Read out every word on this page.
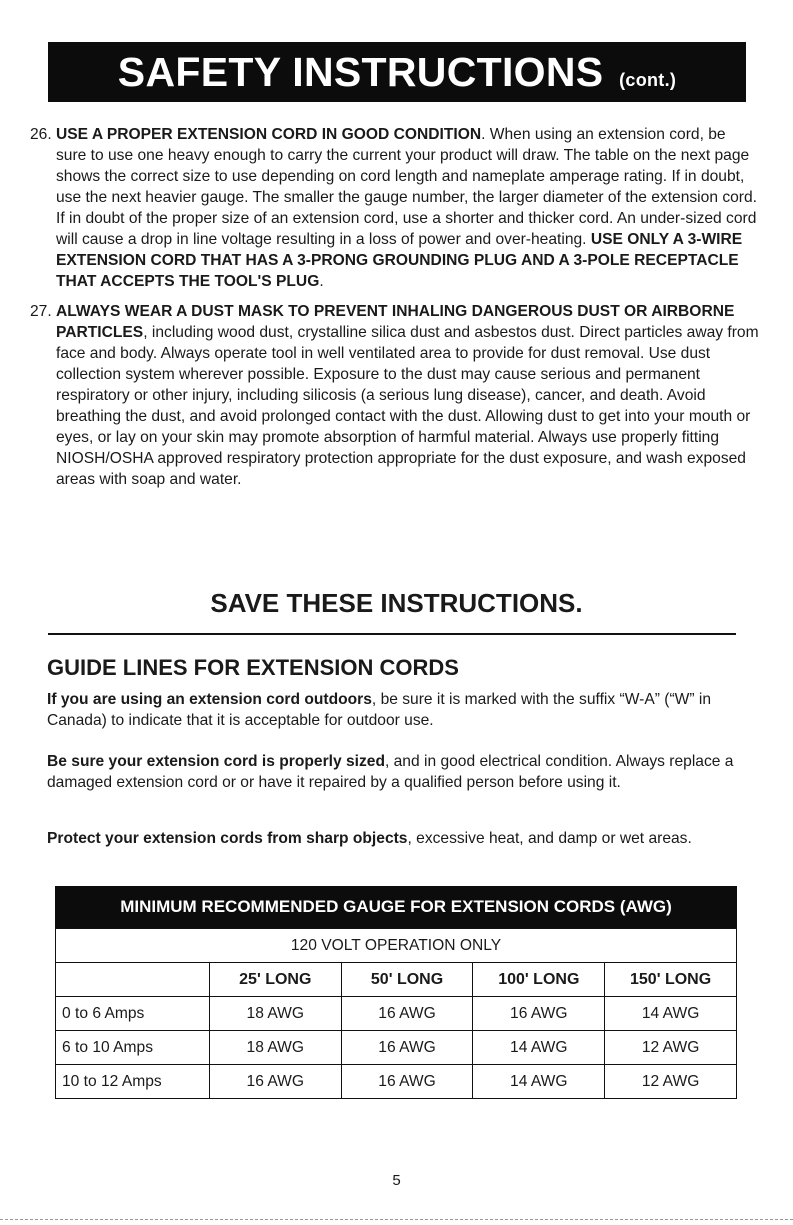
SAFETY INSTRUCTIONS (cont.)
26. USE A PROPER EXTENSION CORD IN GOOD CONDITION. When using an extension cord, be sure to use one heavy enough to carry the current your product will draw. The table on the next page shows the correct size to use depending on cord length and nameplate amperage rating. If in doubt, use the next heavier gauge. The smaller the gauge number, the larger diameter of the extension cord. If in doubt of the proper size of an extension cord, use a shorter and thicker cord. An under-sized cord will cause a drop in line voltage resulting in a loss of power and over-heating. USE ONLY A 3-WIRE EXTENSION CORD THAT HAS A 3-PRONG GROUNDING PLUG AND A 3-POLE RECEPTACLE THAT ACCEPTS THE TOOL'S PLUG.
27. ALWAYS WEAR A DUST MASK TO PREVENT INHALING DANGEROUS DUST OR AIRBORNE PARTICLES, including wood dust, crystalline silica dust and asbestos dust. Direct particles away from face and body. Always operate tool in well ventilated area to provide for dust removal. Use dust collection system wherever possible. Exposure to the dust may cause serious and permanent respiratory or other injury, including silicosis (a serious lung disease), cancer, and death. Avoid breathing the dust, and avoid prolonged contact with the dust. Allowing dust to get into your mouth or eyes, or lay on your skin may promote absorption of harmful material. Always use properly fitting NIOSH/OSHA approved respiratory protection appropriate for the dust exposure, and wash exposed areas with soap and water.
SAVE THESE INSTRUCTIONS.
GUIDE LINES FOR EXTENSION CORDS
If you are using an extension cord outdoors, be sure it is marked with the suffix “W-A” (“W” in Canada) to indicate that it is acceptable for outdoor use.
Be sure your extension cord is properly sized, and in good electrical condition. Always replace a damaged extension cord or or have it repaired by a qualified person before using it.
Protect your extension cords from sharp objects, excessive heat, and damp or wet areas.
MINIMUM RECOMMENDED GAUGE FOR EXTENSION CORDS (AWG)
120 VOLT OPERATION ONLY				
	25' LONG	50' LONG	100' LONG	150' LONG
0 to 6 Amps	18 AWG	16 AWG	16 AWG	14 AWG
6 to 10 Amps	18 AWG	16 AWG	14 AWG	12 AWG
10 to 12 Amps	16 AWG	16 AWG	14 AWG	12 AWG
5
